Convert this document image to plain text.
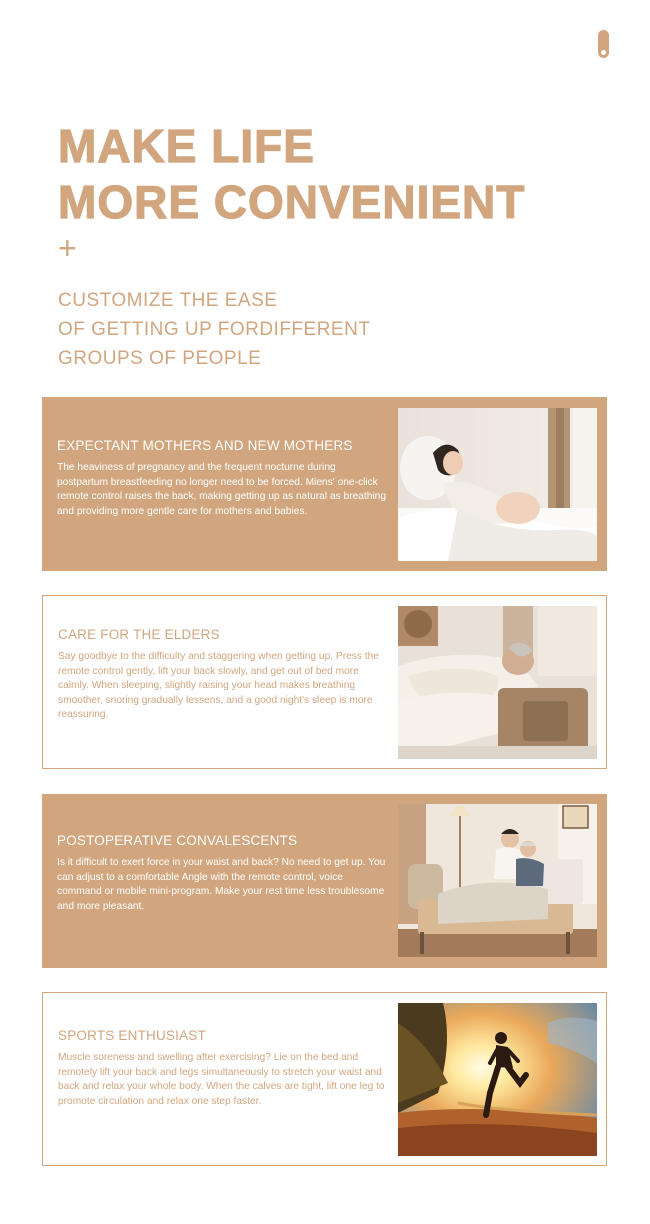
MAKE LIFE
MORE CONVENIENT
+
CUSTOMIZE THE EASE
OF GETTING UP FORDIFFERENT
GROUPS OF PEOPLE
EXPECTANT MOTHERS AND NEW MOTHERS
The heaviness of pregnancy and the frequent nocturne during postpartum breastfeeding no longer need to be forced. Miens' one-click remote control raises the back, making getting up as natural as breathing and providing more gentle care for mothers and babies.
CARE FOR THE ELDERS
Say goodbye to the difficulty and staggering when getting up. Press the remote control gently, lift your back slowly, and get out of bed more calmly. When sleeping, slightly raising your head makes breathing smoother, snoring gradually lessens, and a good night's sleep is more reassuring.
POSTOPERATIVE CONVALESCENTS
Is it difficult to exert force in your waist and back? No need to get up. You can adjust to a comfortable Angle with the remote control, voice command or mobile mini-program. Make your rest time less troublesome and more pleasant.
SPORTS ENTHUSIAST
Muscle soreness and swelling after exercising? Lie on the bed and remotely lift your back and legs simultaneously to stretch your waist and back and relax your whole body. When the calves are tight, lift one leg to promote circulation and relax one step faster.
